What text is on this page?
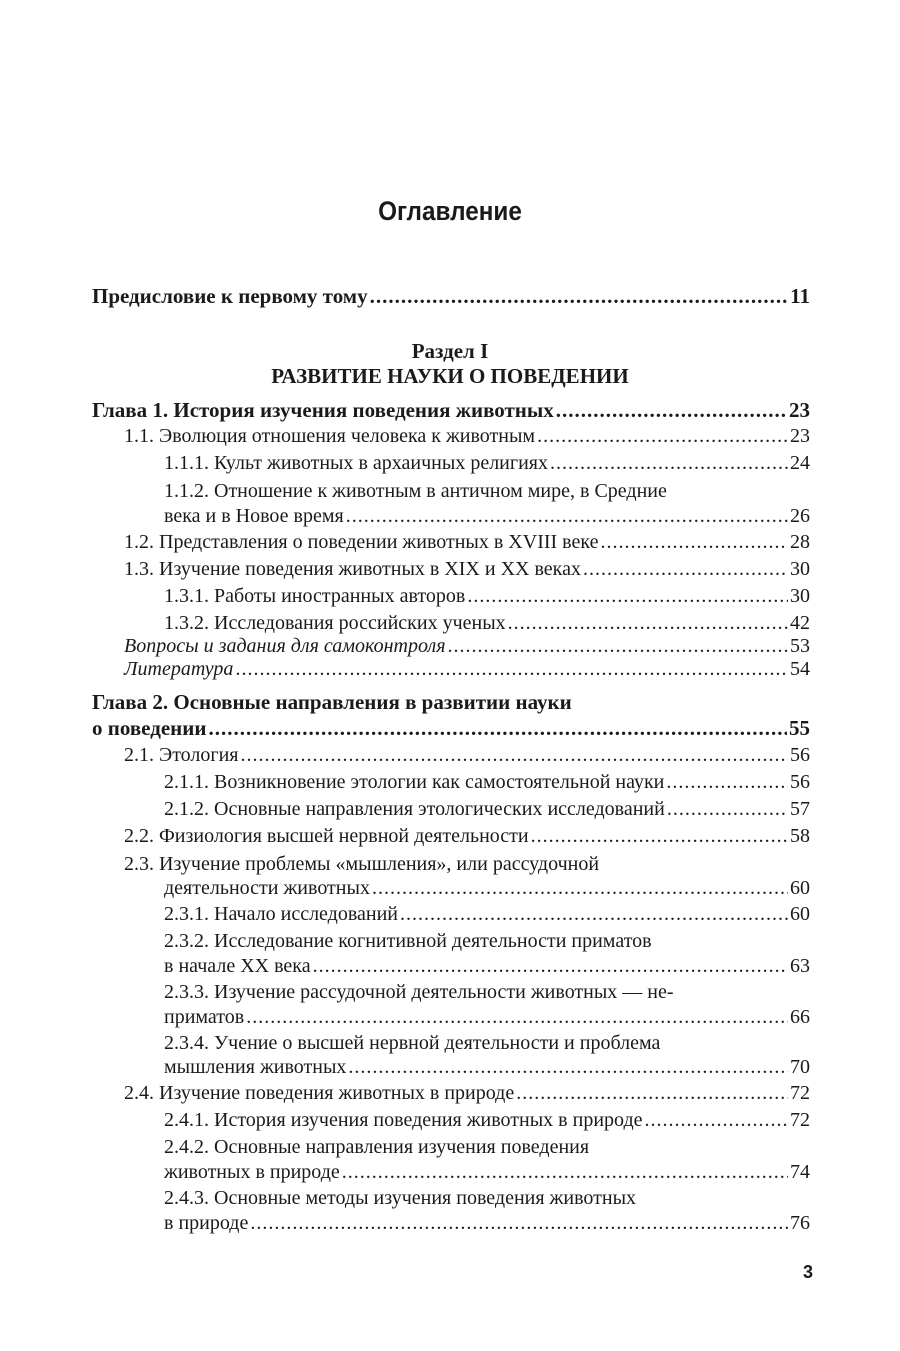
Оглавление
Предисловие к первому тому .....	11
Раздел I
РАЗВИТИЕ НАУКИ О ПОВЕДЕНИИ
Глава 1. История изучения поведения животных .....	23
1.1. Эволюция отношения человека к животным .....	23
1.1.1. Культ животных в архаичных религиях .....	24
1.1.2. Отношение к животным в античном мире, в Средние
века и в Новое время .....	26
1.2. Представления о поведении животных в XVIII веке .....	28
1.3. Изучение поведения животных в XIX и XX веках .....	30
1.3.1. Работы иностранных авторов .....	30
1.3.2. Исследования российских ученых .....	42
Вопросы и задания для самоконтроля .....	53
Литература .....	54
Глава 2. Основные направления в развитии науки
о поведении .....	55
2.1. Этология .....	56
2.1.1. Возникновение этологии как самостоятельной науки .....	56
2.1.2. Основные направления этологических исследований .....	57
2.2. Физиология высшей нервной деятельности .....	58
2.3. Изучение проблемы «мышления», или рассудочной
деятельности животных .....	60
2.3.1. Начало исследований .....	60
2.3.2. Исследование когнитивной деятельности приматов
в начале XX века .....	63
2.3.3. Изучение рассудочной деятельности животных — не-
приматов .....	66
2.3.4. Учение о высшей нервной деятельности и проблема
мышления животных .....	70
2.4. Изучение поведения животных в природе .....	72
2.4.1. История изучения поведения животных в природе .....	72
2.4.2. Основные направления изучения поведения
животных в природе .....	74
2.4.3. Основные методы изучения поведения животных
в природе .....	76
3
